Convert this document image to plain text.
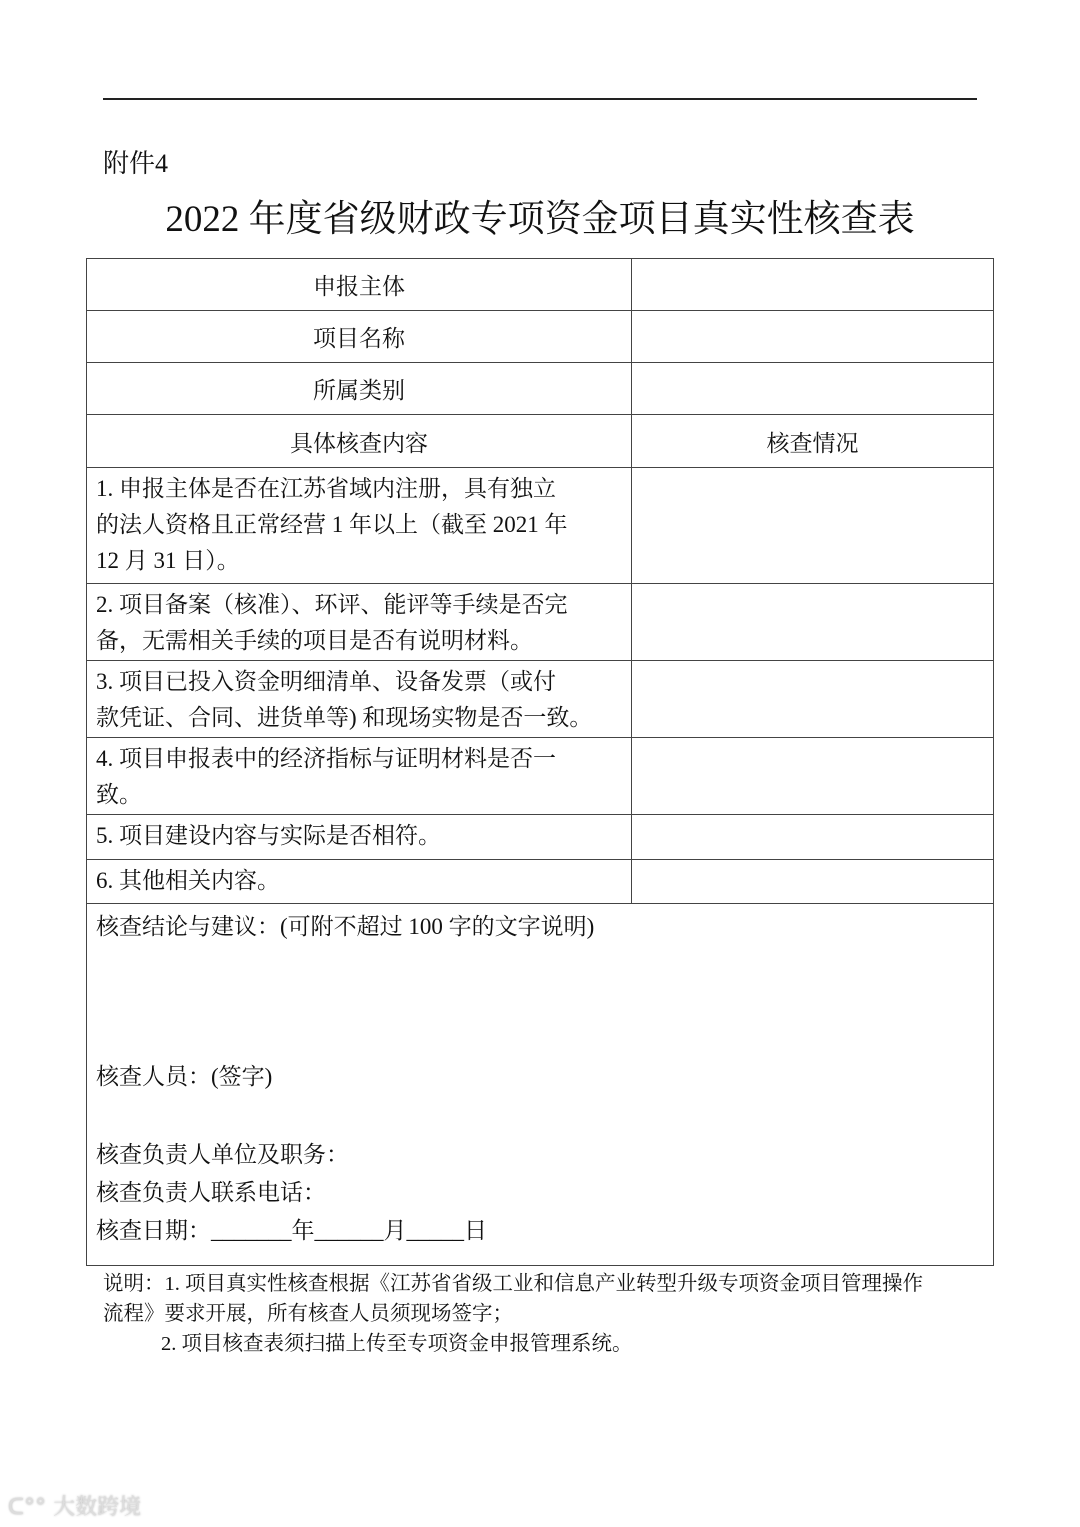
附件4
2022 年度省级财政专项资金项目真实性核查表
申报主体	
项目名称	
所属类别	
具体核查内容	核查情况

1. 申报主体是否在江苏省域内注册，具有独立
的法人资格且正常经营 1 年以上（截至 2021 年
12 月 31 日）。	

2. 项目备案（核准）、环评、能评等手续是否完
备，无需相关手续的项目是否有说明材料。	

3. 项目已投入资金明细清单、设备发票（或付
款凭证、合同、进货单等) 和现场实物是否一致。	

4. 项目申报表中的经济指标与证明材料是否一
致。	

5. 项目建设内容与实际是否相符。	

6. 其他相关内容。	

核查结论与建议：(可附不超过 100 字的文字说明)
核查人员：(签字)
核查负责人单位及职务：
核查负责人联系电话：
核查日期：_______年______月_____日	
说明：1. 项目真实性核查根据《江苏省省级工业和信息产业转型升级专项资金项目管理操作
流程》要求开展，所有核查人员须现场签字；
2. 项目核查表须扫描上传至专项资金申报管理系统。
ᑕ°° 大数跨境
